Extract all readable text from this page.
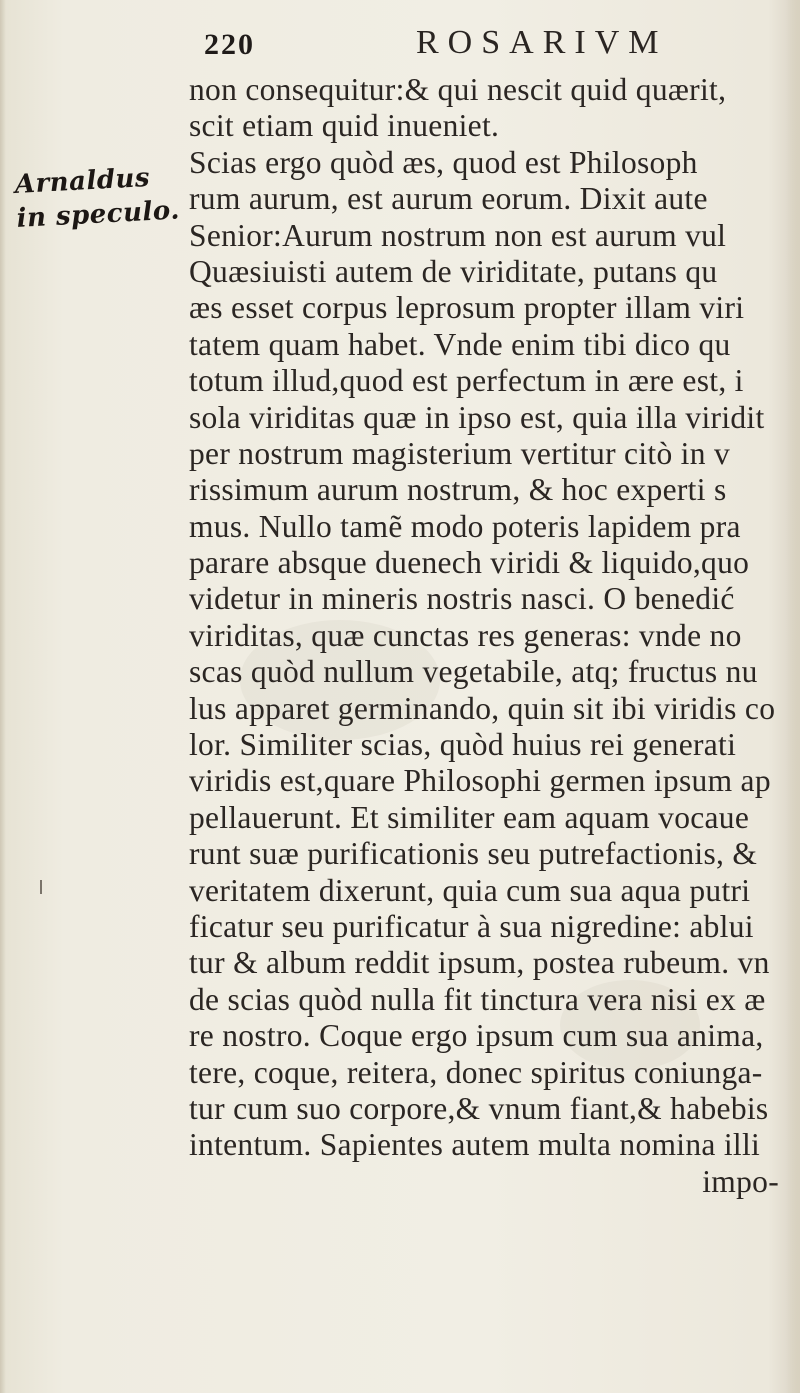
220	ROSARIVM
Arnaldus
in speculo.
non consequitur:& qui nescit quid quærit,
scit etiam quid inueniet.
Scias ergo quòd æs, quod est Philosoph
rum aurum, est aurum eorum. Dixit aute
Senior:Aurum nostrum non est aurum vul
Quæsiuisti autem de viriditate, putans qu
æs esset corpus leprosum propter illam viri
tatem quam habet. Vnde enim tibi dico qu
totum illud,quod est perfectum in ære est, i
sola viriditas quæ in ipso est, quia illa viridit
per nostrum magisterium vertitur citò in v
rissimum aurum nostrum, & hoc experti s
mus. Nullo tamẽ modo poteris lapidem pra
parare absque duenech viridi & liquido,quo
videtur in mineris nostris nasci. O benedić
viriditas, quæ cunctas res generas: vnde no
scas quòd nullum vegetabile, atq; fructus nu
lus apparet germinando, quin sit ibi viridis co
lor. Similiter scias, quòd huius rei generati
viridis est,quare Philosophi germen ipsum ap
pellauerunt. Et similiter eam aquam vocaue
runt suæ purificationis seu putrefactionis, &
veritatem dixerunt, quia cum sua aqua putri
ficatur seu purificatur à sua nigredine: ablui
tur & album reddit ipsum, postea rubeum. vn
de scias quòd nulla fit tinctura vera nisi ex æ
re nostro. Coque ergo ipsum cum sua anima,
tere, coque, reitera, donec spiritus coniunga-
tur cum suo corpore,& vnum fiant,& habebis
intentum. Sapientes autem multa nomina illi
impo-
